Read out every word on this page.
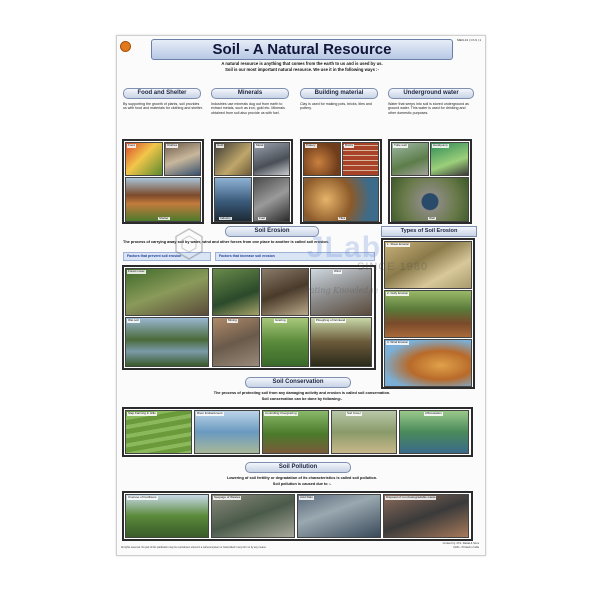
MEN-13 | Ch 9 | 1
Soil - A Natural Resource
A natural resource is anything that comes from the earth to us and is used by us.
Soil is our most important natural resource. We use it in the following ways :-
Food and Shelter	Minerals	Building material	Underground water
By supporting the growth of plants, soil provides us with food and materials for clothing and shelter.
Industries use minerals dug out from earth to extract metals, such as iron, gold etc. Minerals obtained from soil also provide us with fuel.
Clay is used for making pots, bricks, tiles and pottery.
Water that seeps into soil is stored underground as ground water. This water is used for drinking and other domestic purposes.
Food	Clothes
Shelter
Gold	Metal
Industry	Fuel
Pottery	Bricks
Tiles
Tube well	Handpump
Well
Soil Erosion
The process of carrying away soil by water, wind and other forces from one place to another is called soil erosion.
Factors that prevent soil erosion	Factors that increase soil erosion
Forest cover
Wet soil
Wind
Mining	Grazing	Ploughing of farmland
Types of Soil Erosion
1. Sheet Erosion
2. Gully Erosion
3. Wind Erosion
Soil Conservation
The process of protecting soil from any damaging activity and erosion is called soil conservation.
Soil conservation can be done by following:-
Step Farming in Hills	River Embankment	Controlling Overgrazing	Soil Cover	Afforestation
Soil Pollution
Lowering of soil fertility or degradation of its characteristics is called soil pollution.
Soil pollution is caused due to :-
Overuse of Fertilisers	Seepage of Wastes	Acid Rain	Disposal of non-biodegradable waste
All rights reserved. No part of this publication may be reproduced, stored in a retrieval system or transmitted in any form or by any means.
Content by: M.S. Rawal & Sons
Delhi - Printed in India
JLab
SINCE 1980
Innovating Knowledge
